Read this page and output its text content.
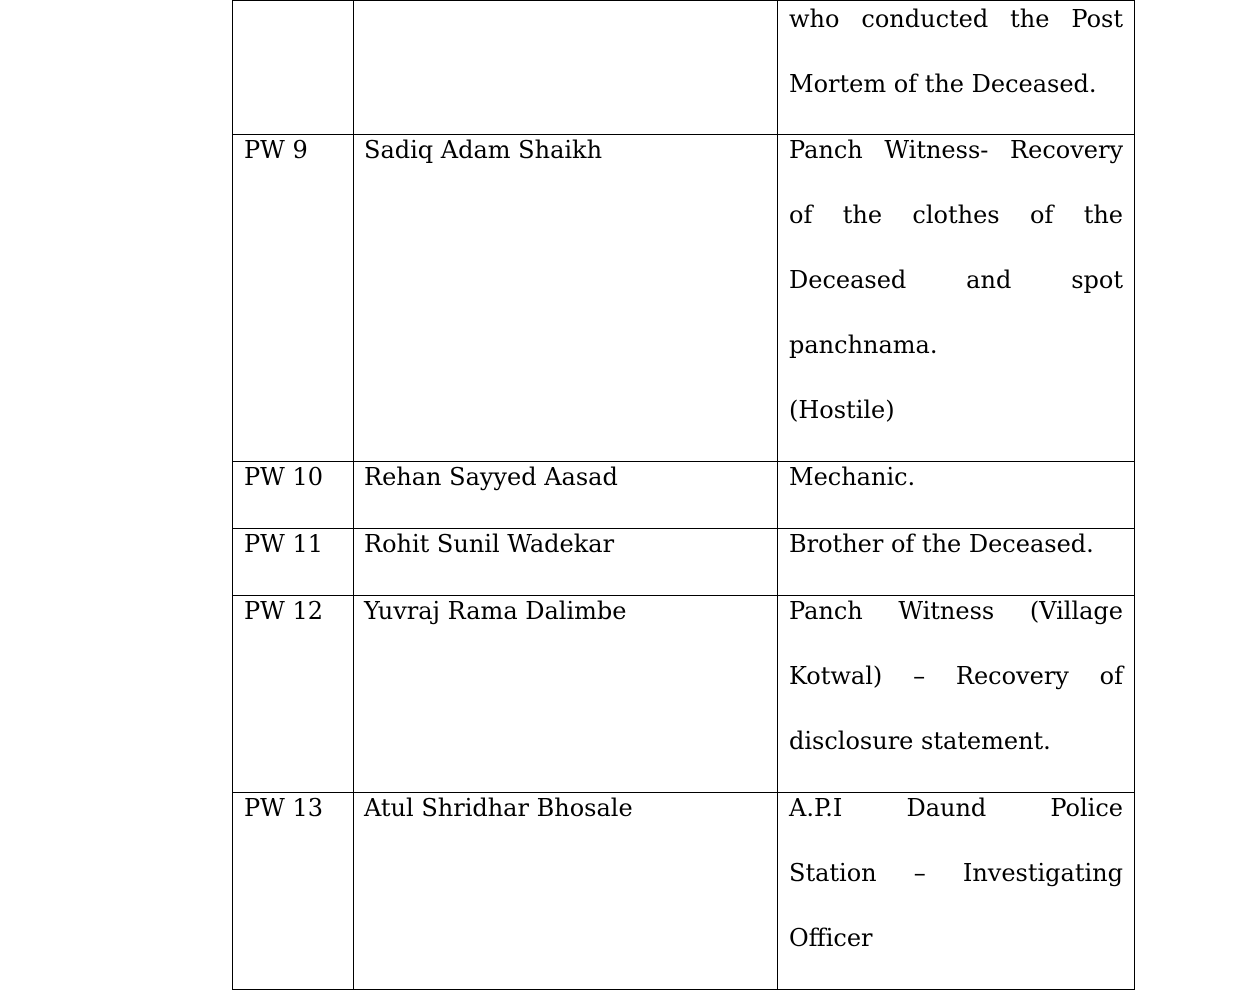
		who conducted the Post
Mortem of the Deceased.

PW 9	Sadiq Adam Shaikh	Panch Witness- Recovery
of the clothes of the
Deceased and spot
panchnama.
(Hostile)

PW 10	Rehan Sayyed Aasad	Mechanic.

PW 11	Rohit Sunil Wadekar	Brother of the Deceased.

PW 12	Yuvraj Rama Dalimbe	Panch Witness (Village
Kotwal) – Recovery of
disclosure statement.

PW 13	Atul Shridhar Bhosale	A.P.I Daund Police
Station – Investigating
Officer
